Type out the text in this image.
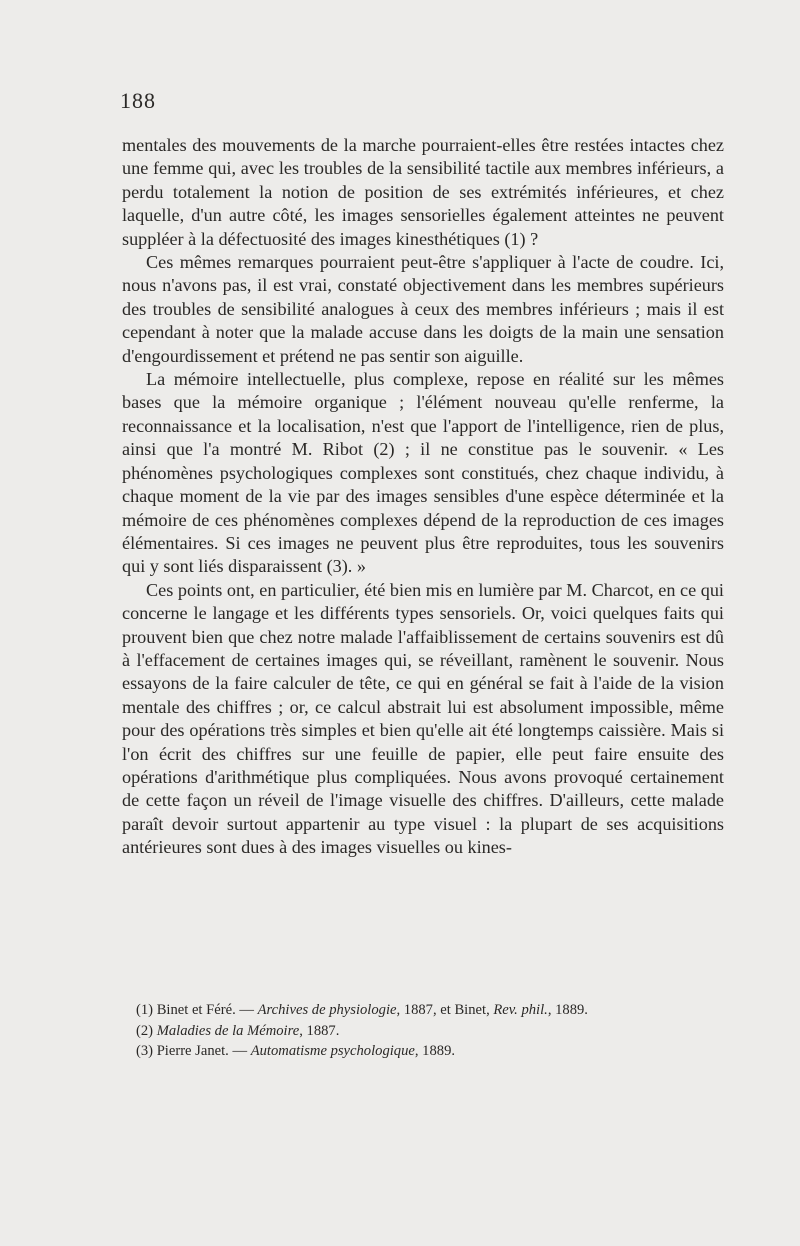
188

mentales des mouvements de la marche pourraient-elles être restées intactes chez une femme qui, avec les troubles de la sensibilité tactile aux membres inférieurs, a perdu totalement la notion de position de ses extrémités inférieures, et chez laquelle, d'un autre côté, les images sensorielles également atteintes ne peuvent suppléer à la défectuosité des images kinesthétiques (1) ?

Ces mêmes remarques pourraient peut-être s'appliquer à l'acte de coudre. Ici, nous n'avons pas, il est vrai, constaté objectivement dans les membres supérieurs des troubles de sensibilité analogues à ceux des membres inférieurs ; mais il est cependant à noter que la malade accuse dans les doigts de la main une sensation d'engourdissement et prétend ne pas sentir son aiguille.

La mémoire intellectuelle, plus complexe, repose en réalité sur les mêmes bases que la mémoire organique ; l'élément nouveau qu'elle renferme, la reconnaissance et la localisation, n'est que l'apport de l'intelligence, rien de plus, ainsi que l'a montré M. Ribot (2) ; il ne constitue pas le souvenir. « Les phénomènes psychologiques complexes sont constitués, chez chaque individu, à chaque moment de la vie par des images sensibles d'une espèce déterminée et la mémoire de ces phénomènes complexes dépend de la reproduction de ces images élémentaires. Si ces images ne peuvent plus être reproduites, tous les souvenirs qui y sont liés disparaissent (3). »

Ces points ont, en particulier, été bien mis en lumière par M. Charcot, en ce qui concerne le langage et les différents types sensoriels. Or, voici quelques faits qui prouvent bien que chez notre malade l'affaiblissement de certains souvenirs est dû à l'effacement de certaines images qui, se réveillant, ramènent le souvenir. Nous essayons de la faire calculer de tête, ce qui en général se fait à l'aide de la vision mentale des chiffres ; or, ce calcul abstrait lui est absolument impossible, même pour des opérations très simples et bien qu'elle ait été longtemps caissière. Mais si l'on écrit des chiffres sur une feuille de papier, elle peut faire ensuite des opérations d'arithmétique plus compliquées. Nous avons provoqué certainement de cette façon un réveil de l'image visuelle des chiffres. D'ailleurs, cette malade paraît devoir surtout appartenir au type visuel : la plupart de ses acquisitions antérieures sont dues à des images visuelles ou kines-

(1) Binet et Féré. — Archives de physiologie, 1887, et Binet, Rev. phil., 1889.

(2) Maladies de la Mémoire, 1887.

(3) Pierre Janet. — Automatisme psychologique, 1889.
